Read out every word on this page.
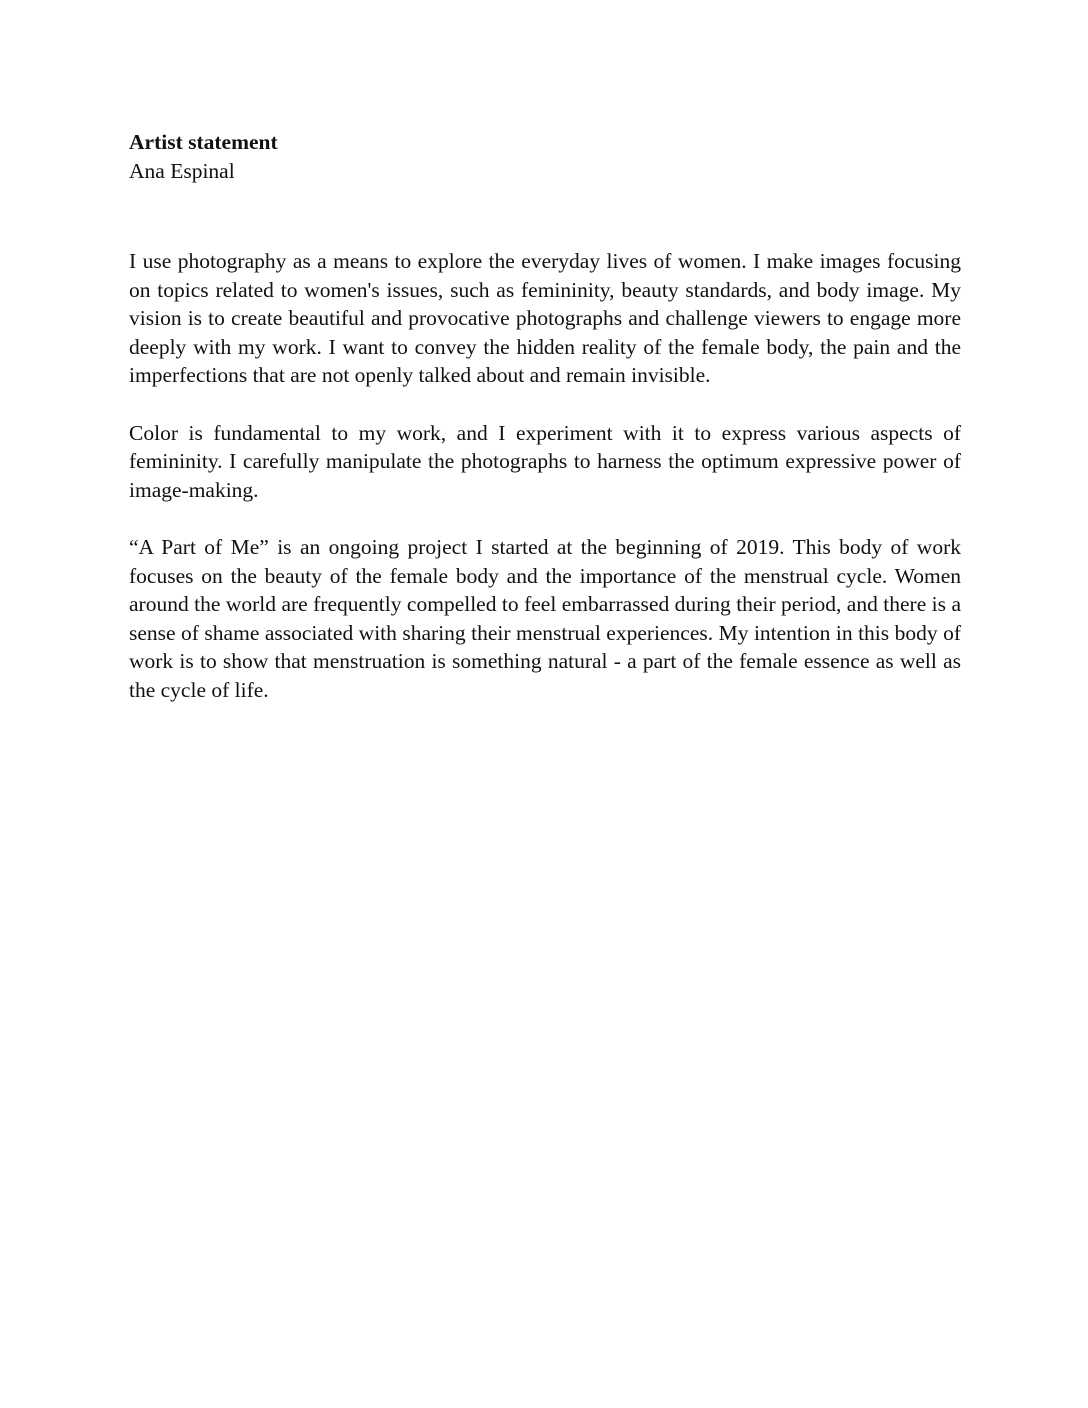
Artist statement

Ana Espinal

I use photography as a means to explore the everyday lives of women. I make images focusing on topics related to women's issues, such as femininity, beauty standards, and body image. My vision is to create beautiful and provocative photographs and challenge viewers to engage more deeply with my work. I want to convey the hidden reality of the female body, the pain and the imperfections that are not openly talked about and remain invisible.

Color is fundamental to my work, and I experiment with it to express various aspects of femininity. I carefully manipulate the photographs to harness the optimum expressive power of image-making.

“A Part of Me” is an ongoing project I started at the beginning of 2019. This body of work focuses on the beauty of the female body and the importance of the menstrual cycle. Women around the world are frequently compelled to feel embarrassed during their period, and there is a sense of shame associated with sharing their menstrual experiences. My intention in this body of work is to show that menstruation is something natural - a part of the female essence as well as the cycle of life.
